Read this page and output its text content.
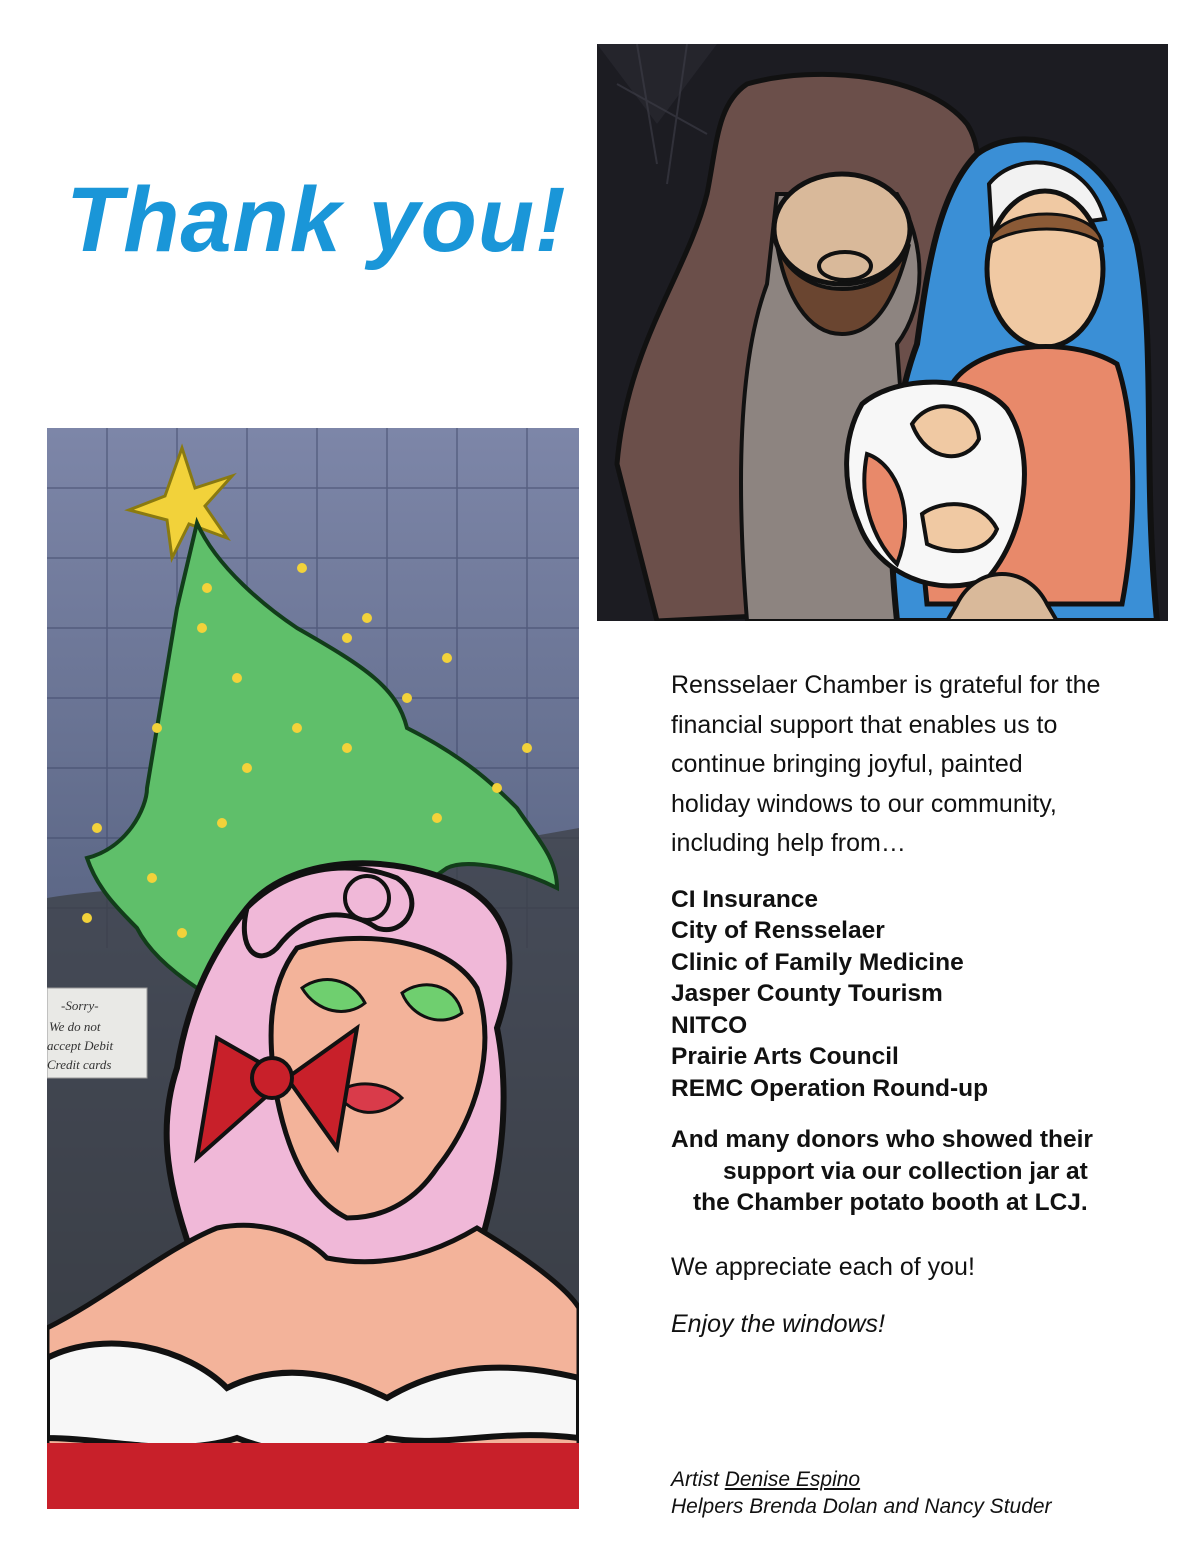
Thank you!
-Sorry-
We do not
accept Debit
Credit cards

Rensselaer Chamber is grateful for the
financial support that enables us to
continue bringing joyful, painted
holiday windows to our community,
including help from…

CI Insurance
City of Rensselaer
Clinic of Family Medicine
Jasper County Tourism
NITCO
Prairie Arts Council
REMC Operation Round-up

And many donors who showed their
support via our collection jar at
the Chamber potato booth at LCJ.

We appreciate each of you!

Enjoy the windows!

Artist Denise Espino
Helpers Brenda Dolan and Nancy Studer
